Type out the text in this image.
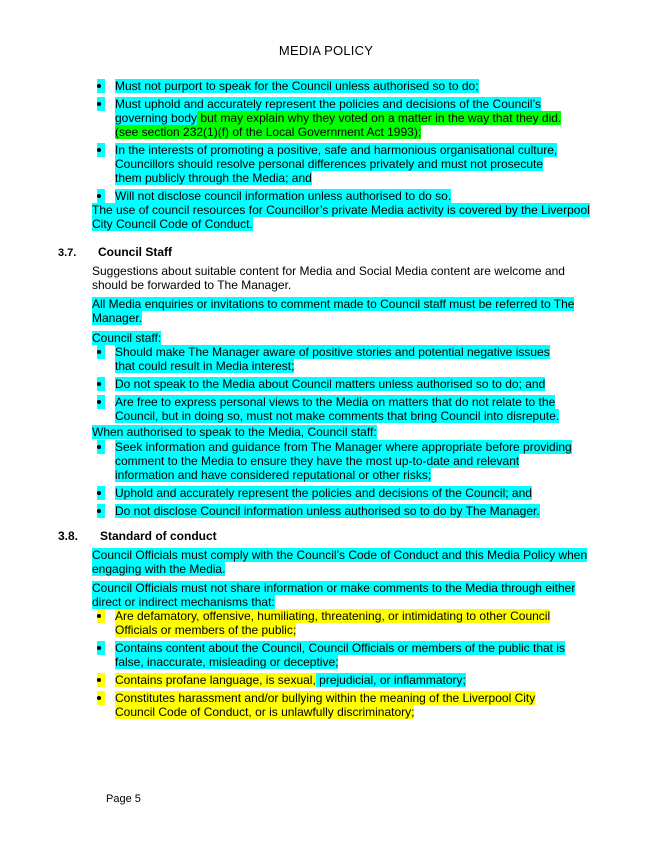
MEDIA POLICY
Must not purport to speak for the Council unless authorised so to do;
Must uphold and accurately represent the policies and decisions of the Council’s governing body but may explain why they voted on a matter in the way that they did. (see section 232(1)(f) of the Local Government Act 1993);
In the interests of promoting a positive, safe and harmonious organisational culture, Councillors should resolve personal differences privately and must not prosecute them publicly through the Media; and
Will not disclose council information unless authorised to do so.
The use of council resources for Councillor’s private Media activity is covered by the Liverpool City Council Code of Conduct.
3.7. Council Staff
Suggestions about suitable content for Media and Social Media content are welcome and should be forwarded to The Manager.
All Media enquiries or invitations to comment made to Council staff must be referred to The Manager.
Council staff:
Should make The Manager aware of positive stories and potential negative issues that could result in Media interest;
Do not speak to the Media about Council matters unless authorised so to do; and
Are free to express personal views to the Media on matters that do not relate to the Council, but in doing so, must not make comments that bring Council into disrepute.
When authorised to speak to the Media, Council staff:
Seek information and guidance from The Manager where appropriate before providing comment to the Media to ensure they have the most up-to-date and relevant information and have considered reputational or other risks;
Uphold and accurately represent the policies and decisions of the Council; and
Do not disclose Council information unless authorised so to do by The Manager.
3.8. Standard of conduct
Council Officials must comply with the Council’s Code of Conduct and this Media Policy when engaging with the Media.
Council Officials must not share information or make comments to the Media through either direct or indirect mechanisms that:
Are defamatory, offensive, humiliating, threatening, or intimidating to other Council Officials or members of the public;
Contains content about the Council, Council Officials or members of the public that is false, inaccurate, misleading or deceptive;
Contains profane language, is sexual, prejudicial, or inflammatory;
Constitutes harassment and/or bullying within the meaning of the Liverpool City Council Code of Conduct, or is unlawfully discriminatory;
Page 5
